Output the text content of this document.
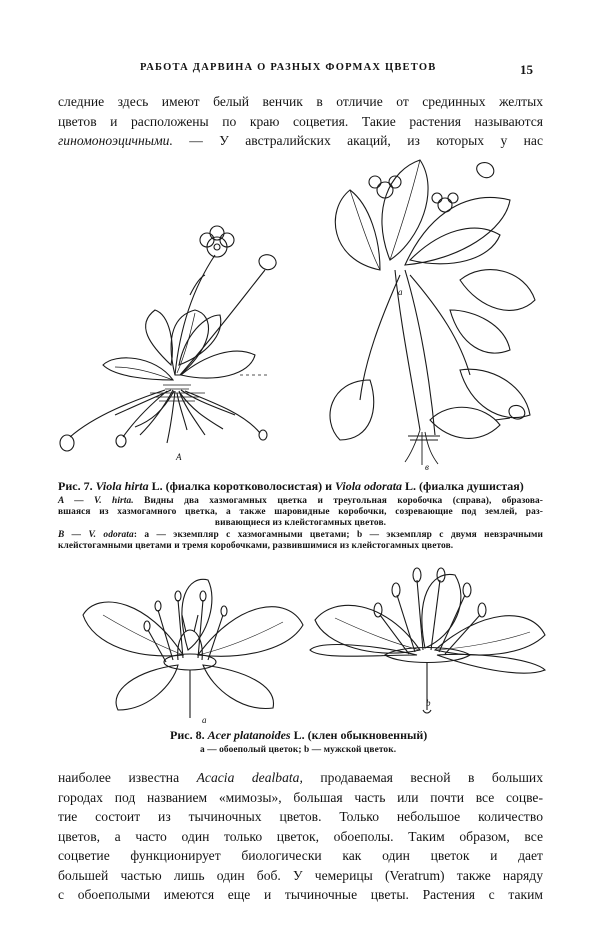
РАБОТА ДАРВИНА О РАЗНЫХ ФОРМАХ ЦВЕТОВ	15
следние здесь имеют белый венчик в отличие от срединных желтых
цветов и расположены по краю соцветия. Такие растения называются
гиномоноэцичными. — У австралийских акаций, из которых у нас
A
a
в
Рис. 7. Viola hirta L. (фиалка коротковолосистая) и Viola odorata L. (фиалка душистая)
A — V. hirta. Видны два хазмогамных цветка и треугольная коробочка (справа), образова-
вшаяся из хазмогамного цветка, а также шаровидные коробочки, созревающие под землей, раз-
вивающиеся из клейстогамных цветов.
B — V. odorata: a — экземпляр с хазмогамными цветами; b — экземпляр с двумя невзрачными
клейстогамными цветами и тремя коробочками, развившимися из клейстогамных цветов.
a
b
Рис. 8. Acer platanoides L. (клен обыкновенный)
a — обоеполый цветок; b — мужской цветок.
наиболее известна Acacia dealbata, продаваемая весной в больших
городах под названием «мимозы», большая часть или почти все соцве-
тие состоит из тычиночных цветов. Только небольшое количество
цветов, а часто один только цветок, обоеполы. Таким образом, все
соцветие функционирует биологически как один цветок и дает
большей частью лишь один боб. У чемерицы (Veratrum) также наряду
с обоеполыми имеются еще и тычиночные цветы. Растения с таким
